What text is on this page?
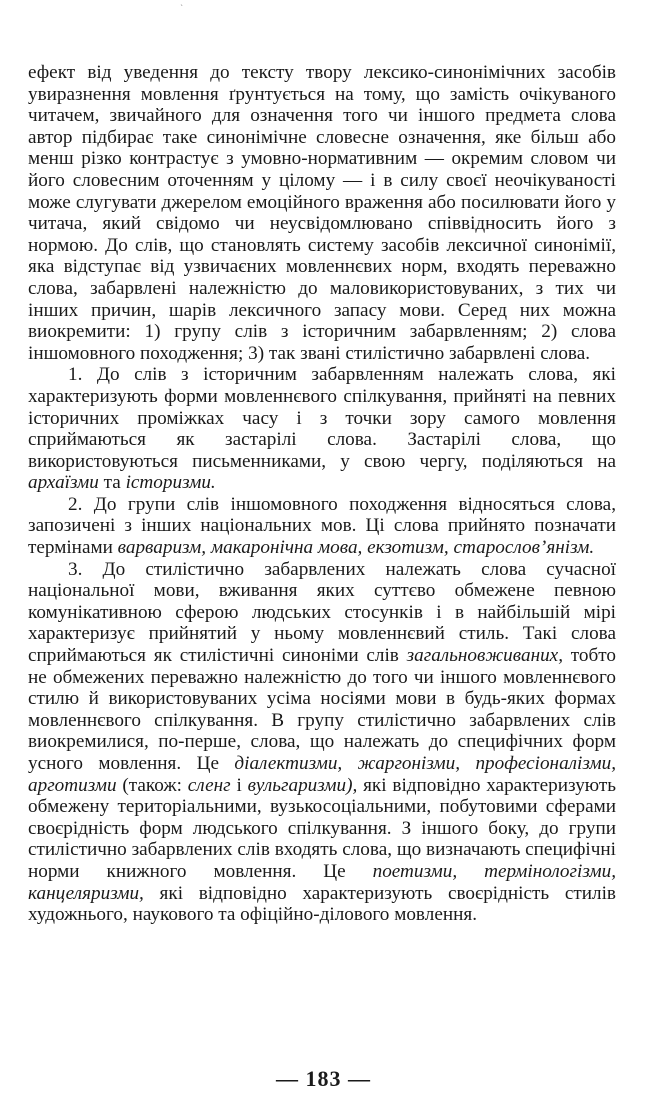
`

ефект від уведення до тексту твору лексико-синонімічних засобів увиразнення мовлення ґрунтується на тому, що замість очікуваного читачем, звичайного для означення того чи іншого предмета слова автор підбирає таке синонімічне словесне означення, яке більш або менш різко контрастує з умовно-нормативним — окремим словом чи його словесним оточенням у цілому — і в силу своєї неочікуваності може слугувати джерелом емоційного враження або посилювати його у читача, який свідомо чи неусвідомлювано співвідносить його з нормою. До слів, що становлять систему засобів лексичної синонімії, яка відступає від узвичаєних мовленнєвих норм, входять переважно слова, забарвлені належністю до маловикористовуваних, з тих чи інших причин, шарів лексичного запасу мови. Серед них можна виокремити: 1) групу слів з історичним забарвленням; 2) слова іншомовного походження; 3) так звані стилістично забарвлені слова.

1. До слів з історичним забарвленням належать слова, які характеризують форми мовленнєвого спілкування, прийняті на певних історичних проміжках часу і з точки зору самого мовлення сприймаються як застарілі слова. Застарілі слова, що використовуються письменниками, у свою чергу, поділяються на архаїзми та історизми.

2. До групи слів іншомовного походження відносяться слова, запозичені з інших національних мов. Ці слова прийнято позначати термінами варваризм, макаронічна мова, екзотизм, старослов’янізм.

3. До стилістично забарвлених належать слова сучасної національної мови, вживання яких суттєво обмежене певною комунікативною сферою людських стосунків і в найбільшій мірі характеризує прийнятий у ньому мовленнєвий стиль. Такі слова сприймаються як стилістичні синоніми слів загальновживаних, тобто не обмежених переважно належністю до того чи іншого мовленнєвого стилю й використовуваних усіма носіями мови в будь-яких формах мовленнєвого спілкування. В групу стилістично забарвлених слів виокремилися, по-перше, слова, що належать до специфічних форм усного мовлення. Це діалектизми, жаргонізми, професіоналізми, арготизми (також: сленг і вульгаризми), які відповідно характеризують обмежену територіальними, вузькосоціальними, побутовими сферами своєрідність форм людського спілкування. З іншого боку, до групи стилістично забарвлених слів входять слова, що визначають специфічні норми книжного мовлення. Це поетизми, термінологізми, канцеляризми, які відповідно характеризують своєрідність стилів художнього, наукового та офіційно-ділового мовлення.

— 183 —
